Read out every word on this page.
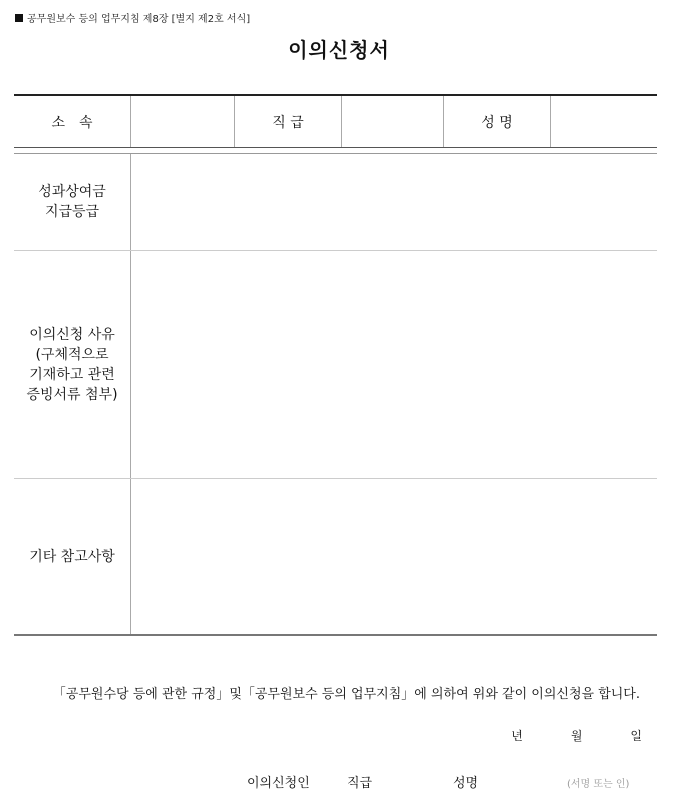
공무원보수 등의 업무지침 제8장 [별지 제2호 서식]
이의신청서
소　속	직 급	성 명
성과상여금
지급등급
이의신청 사유
(구체적으로
기재하고 관련
증빙서류 첨부)
기타 참고사항
「공무원수당 등에 관한 규정」및「공무원보수 등의 업무지침」에 의하여 위와 같이 이의신청을 합니다.
년	월	일
이의신청인	직급	성명	(서명 또는 인)
